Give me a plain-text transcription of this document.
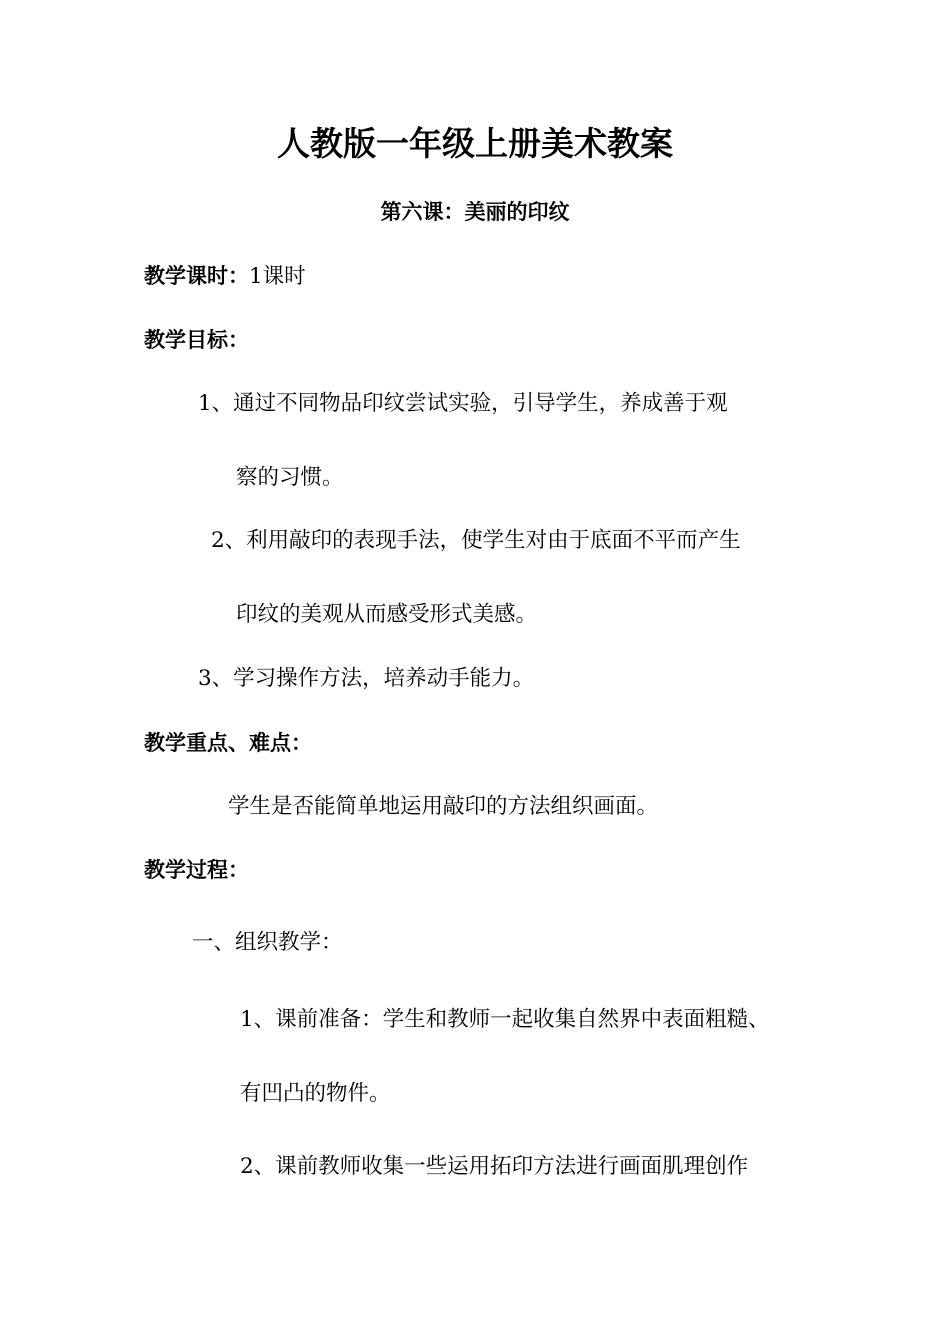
人教版一年级上册美术教案
第六课：美丽的印纹
教学课时：1课时
教学目标：
1、通过不同物品印纹尝试实验，引导学生，养成善于观
察的习惯。
2、利用敲印的表现手法，使学生对由于底面不平而产生
印纹的美观从而感受形式美感。
3、学习操作方法，培养动手能力。
教学重点、难点：
学生是否能简单地运用敲印的方法组织画面。
教学过程：
一、组织教学：
1、课前准备：学生和教师一起收集自然界中表面粗糙、
有凹凸的物件。
2、课前教师收集一些运用拓印方法进行画面肌理创作
